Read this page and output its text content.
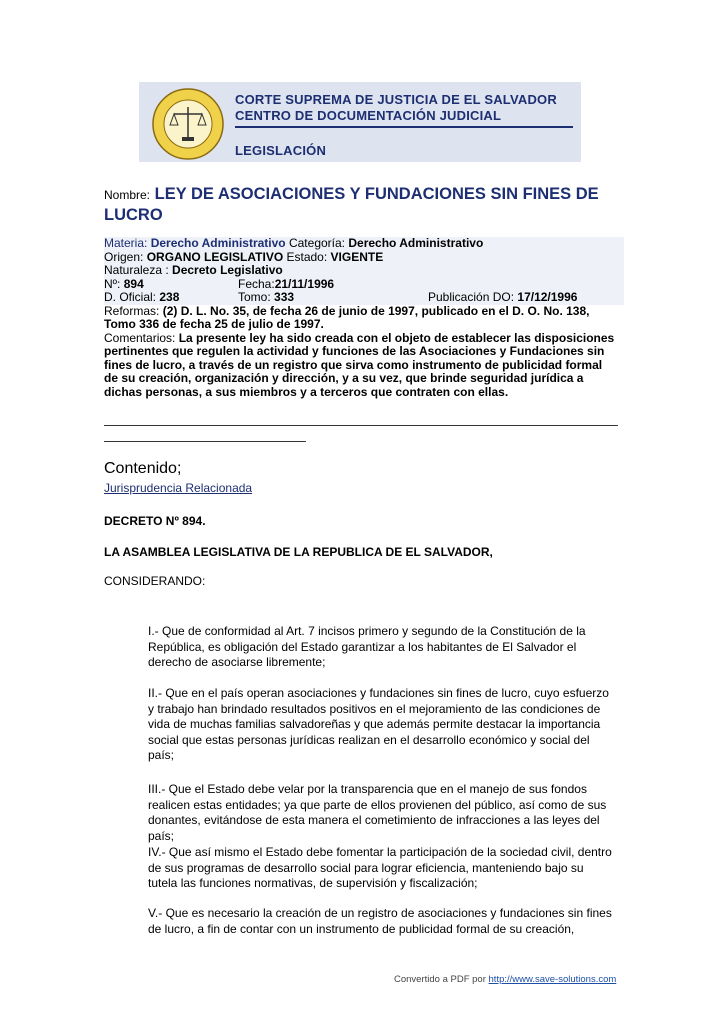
CORTE SUPREMA DE JUSTICIA DE EL SALVADOR
CENTRO DE DOCUMENTACIÓN JUDICIAL
LEGISLACIÓN
Nombre: LEY DE ASOCIACIONES Y FUNDACIONES SIN FINES DE
LUCRO
Materia: Derecho Administrativo Categoría: Derecho Administrativo
Origen: ORGANO LEGISLATIVO Estado: VIGENTE
Naturaleza : Decreto Legislativo
Nº: 894	Fecha:21/11/1996
D. Oficial: 238	Tomo: 333	Publicación DO: 17/12/1996
Reformas: (2) D. L. No. 35, de fecha 26 de junio de 1997, publicado en el D. O. No. 138,
Tomo 336 de fecha 25 de julio de 1997.
Comentarios: La presente ley ha sido creada con el objeto de establecer las disposiciones
pertinentes que regulen la actividad y funciones de las Asociaciones y Fundaciones sin
fines de lucro, a través de un registro que sirva como instrumento de publicidad formal
de su creación, organización y dirección, y a su vez, que brinde seguridad jurídica a
dichas personas, a sus miembros y a terceros que contraten con ellas.
Contenido;
Jurisprudencia Relacionada
DECRETO Nº 894.
LA ASAMBLEA LEGISLATIVA DE LA REPUBLICA DE EL SALVADOR,
CONSIDERANDO:
I.- Que de conformidad al Art. 7 incisos primero y segundo de la Constitución de la
República, es obligación del Estado garantizar a los habitantes de El Salvador el
derecho de asociarse libremente;
II.- Que en el país operan asociaciones y fundaciones sin fines de lucro, cuyo esfuerzo
y trabajo han brindado resultados positivos en el mejoramiento de las condiciones de
vida de muchas familias salvadoreñas y que además permite destacar la importancia
social que estas personas jurídicas realizan en el desarrollo económico y social del
país;
III.- Que el Estado debe velar por la transparencia que en el manejo de sus fondos
realicen estas entidades; ya que parte de ellos provienen del público, así como de sus
donantes, evitándose de esta manera el cometimiento de infracciones a las leyes del
país;
IV.- Que así mismo el Estado debe fomentar la participación de la sociedad civil, dentro
de sus programas de desarrollo social para lograr eficiencia, manteniendo bajo su
tutela las funciones normativas, de supervisión y fiscalización;
V.- Que es necesario la creación de un registro de asociaciones y fundaciones sin fines
de lucro, a fin de contar con un instrumento de publicidad formal de su creación,
Convertido a PDF por http://www.save-solutions.com
